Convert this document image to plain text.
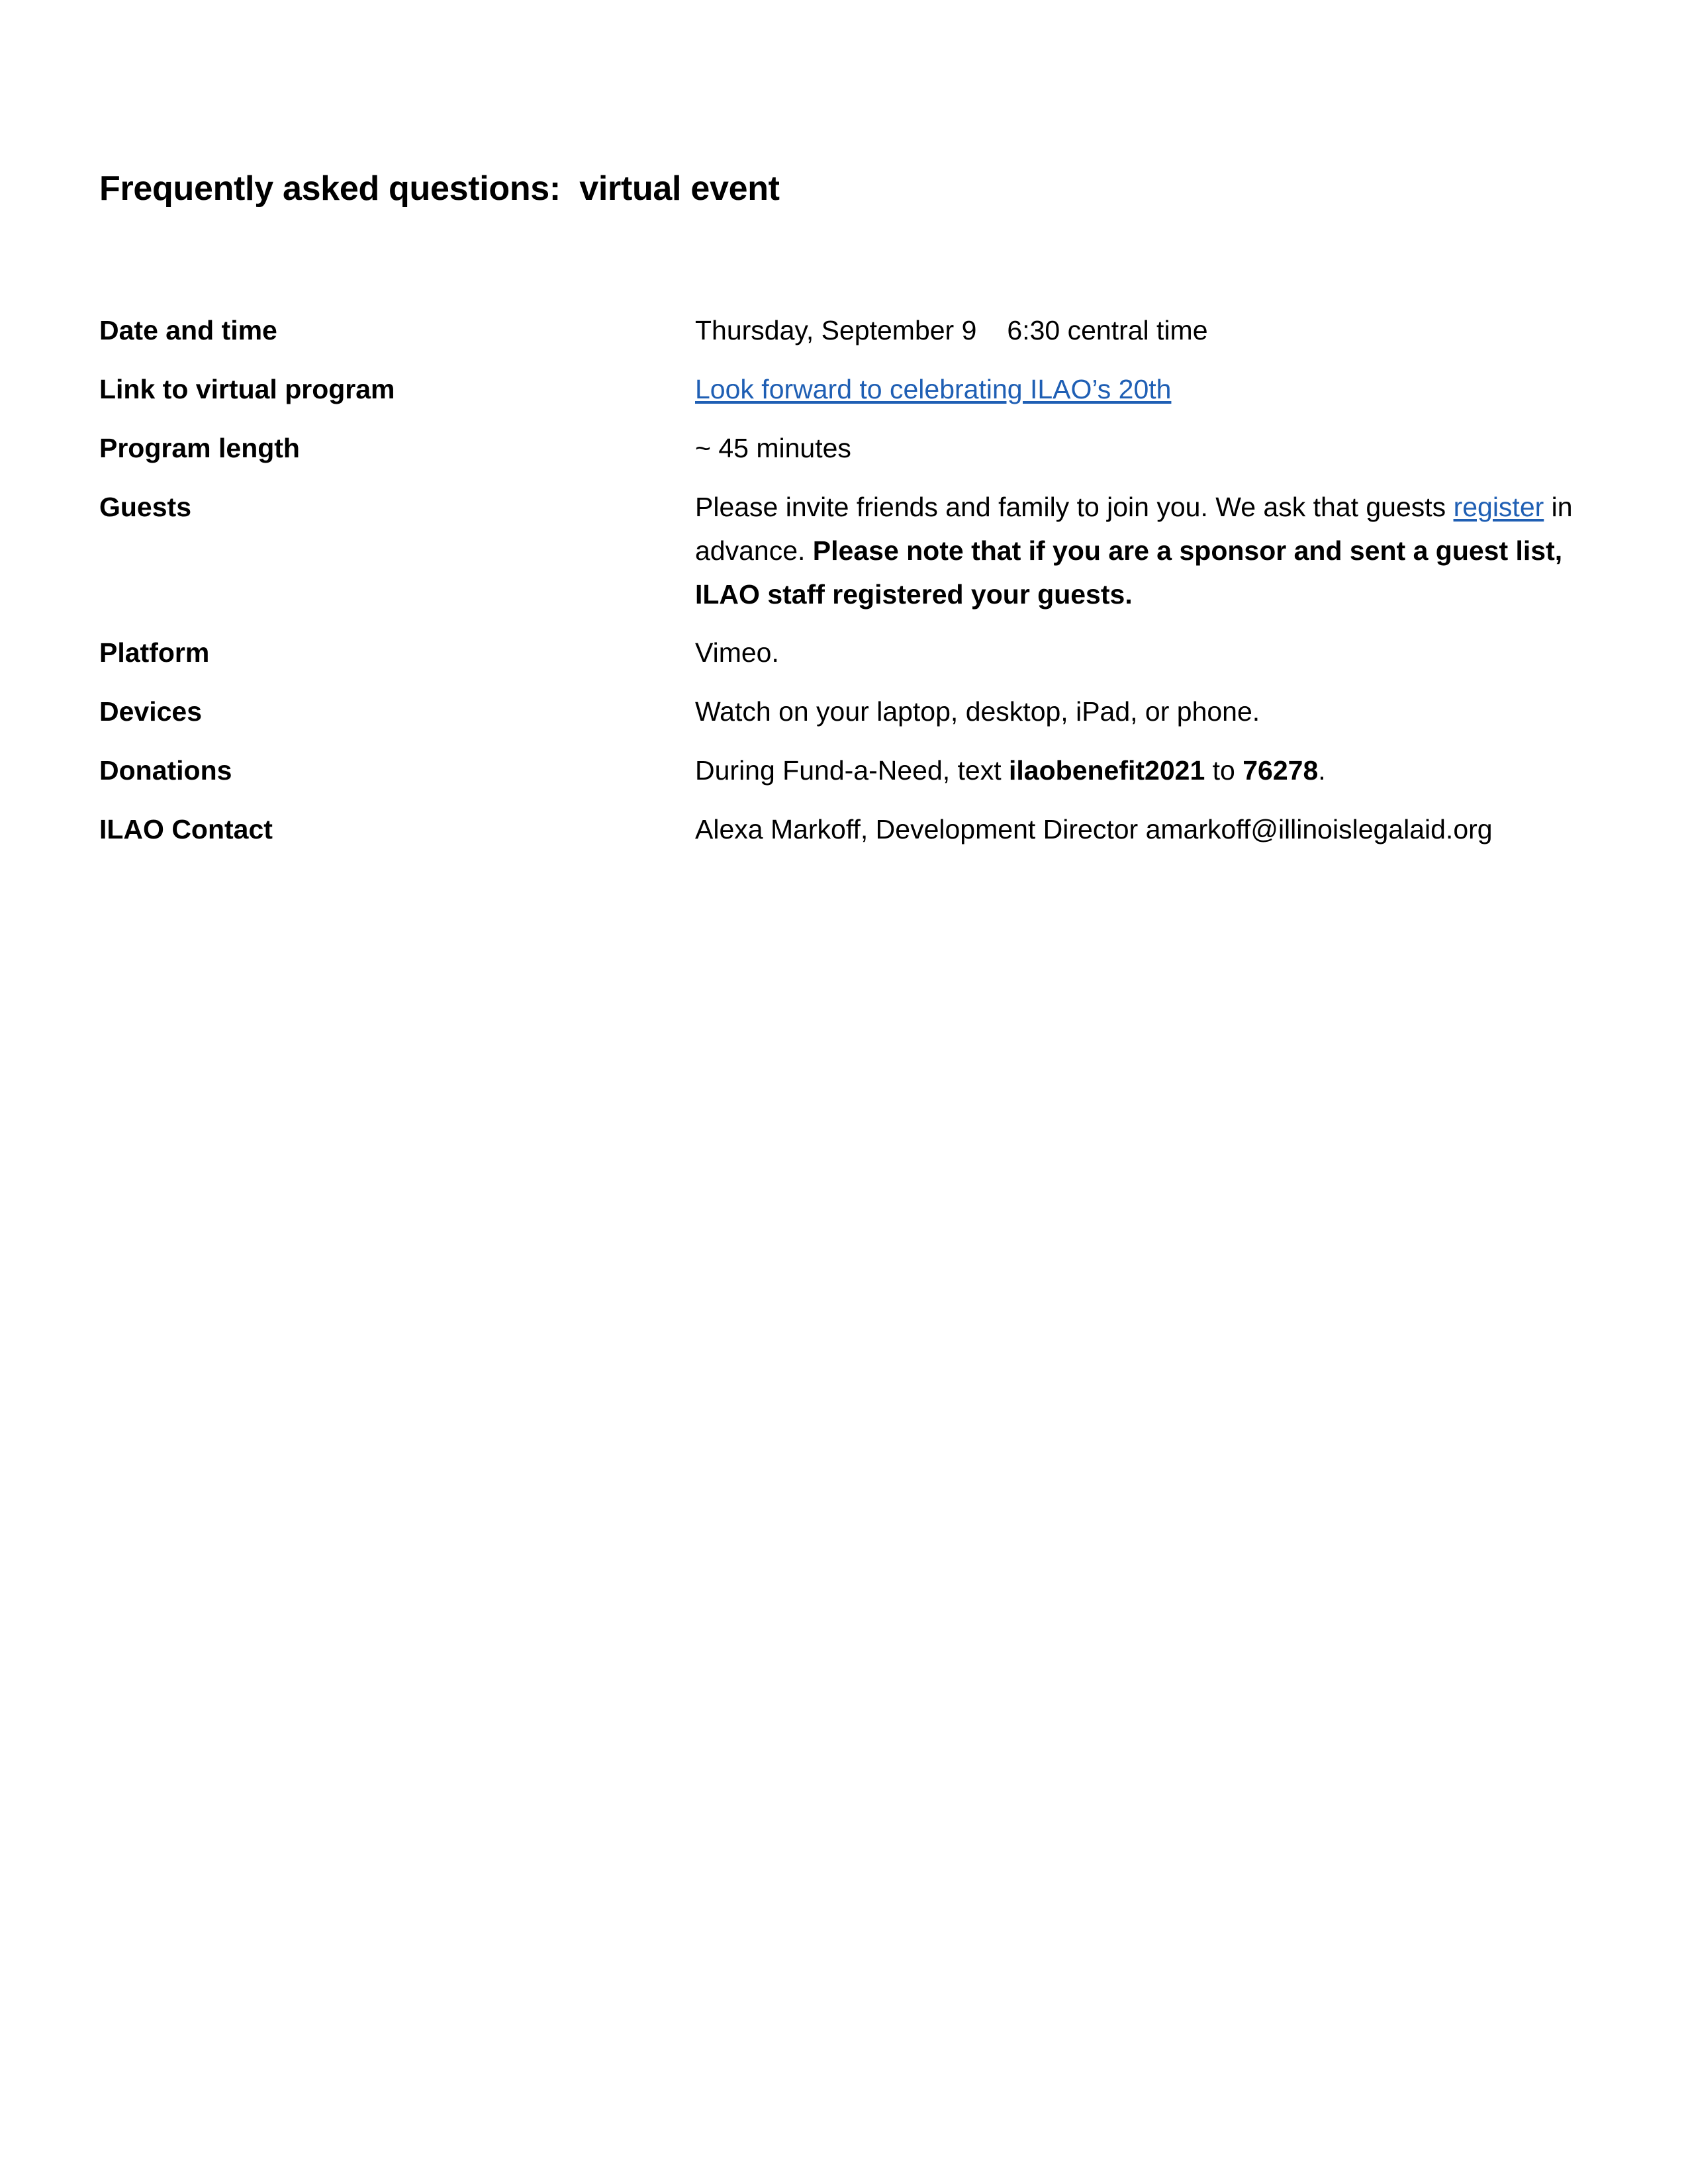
Frequently asked questions:  virtual event
Date and time	Thursday, September 9 6:30 central time
Link to virtual program	Look forward to celebrating ILAO’s 20th
Program length	~ 45 minutes
Guests	Please invite friends and family to join you. We ask that guests register in advance. Please note that if you are a sponsor and sent a guest list, ILAO staff registered your guests.
Platform	Vimeo.
Devices	Watch on your laptop, desktop, iPad, or phone.
Donations	During Fund-a-Need, text ilaobenefit2021 to 76278.
ILAO Contact	Alexa Markoff, Development Director amarkoff@illinoislegalaid.org
